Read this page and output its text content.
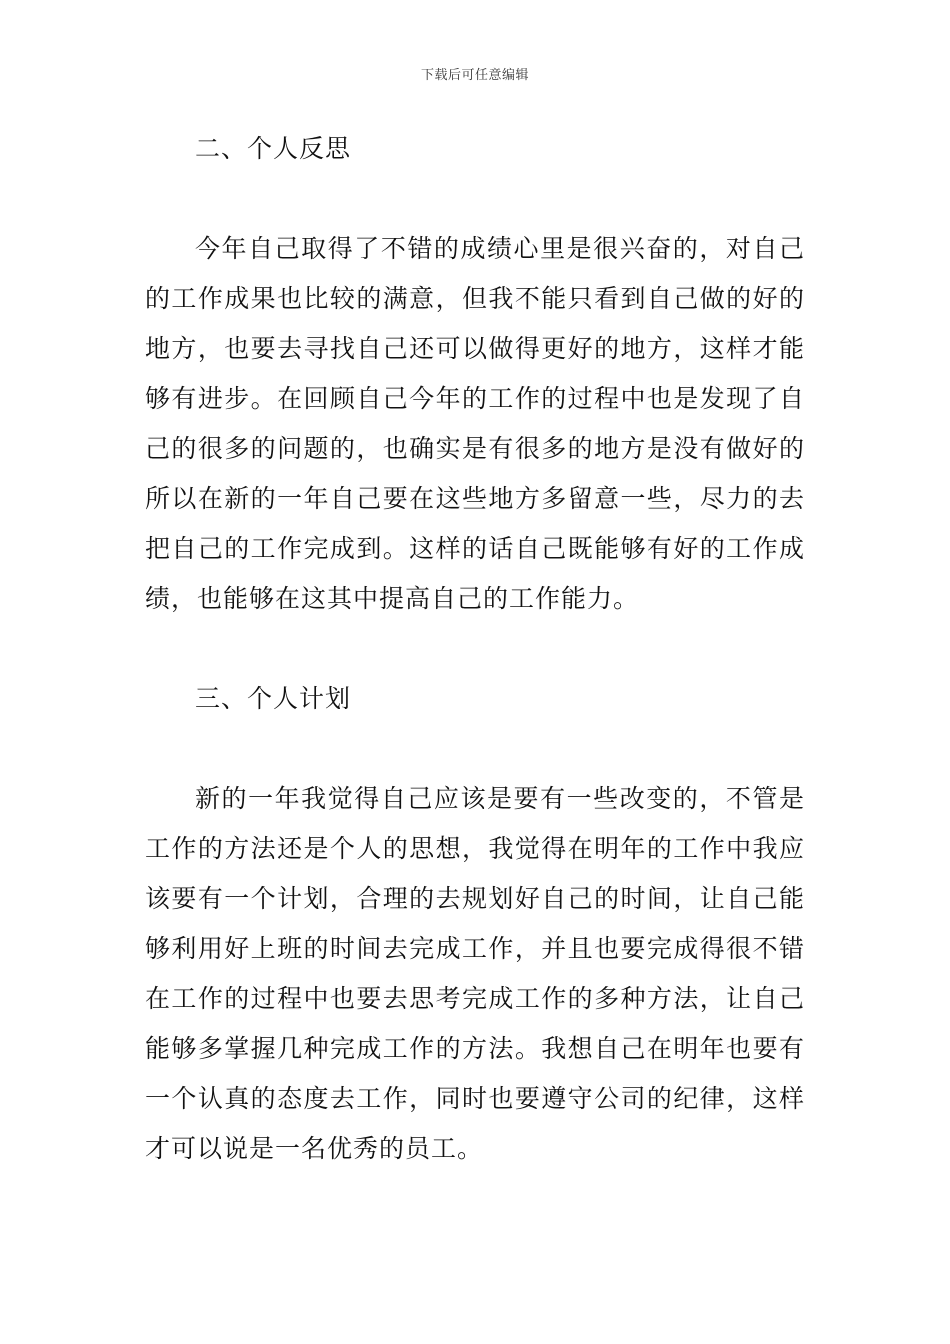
下载后可任意编辑
二、个人反思

今年自己取得了不错的成绩心里是很兴奋的，对自己的工作成果也比较的满意，但我不能只看到自己做的好的地方，也要去寻找自己还可以做得更好的地方，这样才能够有进步。在回顾自己今年的工作的过程中也是发现了自己的很多的问题的，也确实是有很多的地方是没有做好的所以在新的一年自己要在这些地方多留意一些，尽力的去把自己的工作完成到。这样的话自己既能够有好的工作成绩，也能够在这其中提高自己的工作能力。

三、个人计划

新的一年我觉得自己应该是要有一些改变的，不管是工作的方法还是个人的思想，我觉得在明年的工作中我应该要有一个计划，合理的去规划好自己的时间，让自己能够利用好上班的时间去完成工作，并且也要完成得很不错在工作的过程中也要去思考完成工作的多种方法，让自己能够多掌握几种完成工作的方法。我想自己在明年也要有一个认真的态度去工作，同时也要遵守公司的纪律，这样才可以说是一名优秀的员工。
